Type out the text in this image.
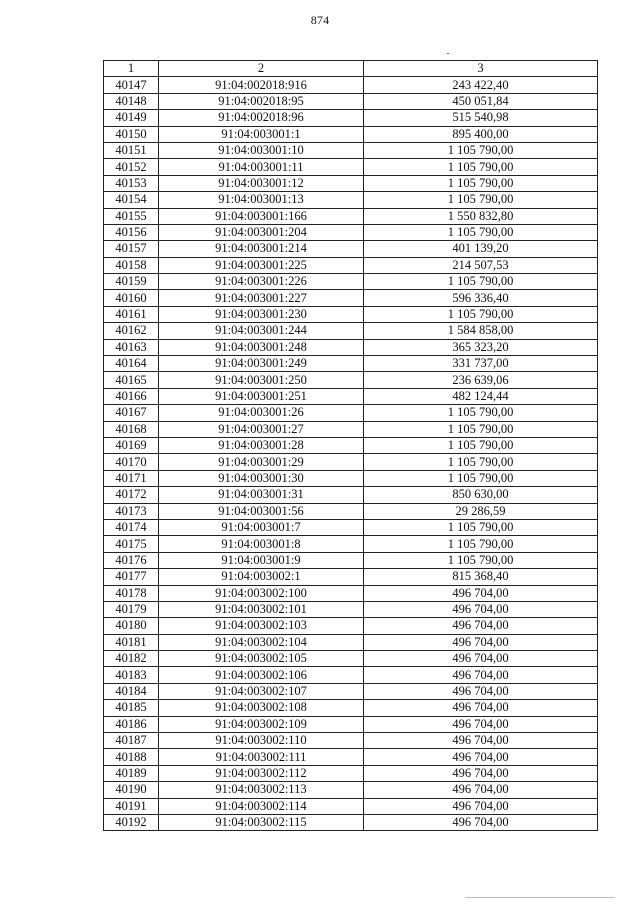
874
1	2	3
40147	91:04:002018:916	243 422,40
40148	91:04:002018:95	450 051,84
40149	91:04:002018:96	515 540,98
40150	91:04:003001:1	895 400,00
40151	91:04:003001:10	1 105 790,00
40152	91:04:003001:11	1 105 790,00
40153	91:04:003001:12	1 105 790,00
40154	91:04:003001:13	1 105 790,00
40155	91:04:003001:166	1 550 832,80
40156	91:04:003001:204	1 105 790,00
40157	91:04:003001:214	401 139,20
40158	91:04:003001:225	214 507,53
40159	91:04:003001:226	1 105 790,00
40160	91:04:003001:227	596 336,40
40161	91:04:003001:230	1 105 790,00
40162	91:04:003001:244	1 584 858,00
40163	91:04:003001:248	365 323,20
40164	91:04:003001:249	331 737,00
40165	91:04:003001:250	236 639,06
40166	91:04:003001:251	482 124,44
40167	91:04:003001:26	1 105 790,00
40168	91:04:003001:27	1 105 790,00
40169	91:04:003001:28	1 105 790,00
40170	91:04:003001:29	1 105 790,00
40171	91:04:003001:30	1 105 790,00
40172	91:04:003001:31	850 630,00
40173	91:04:003001:56	29 286,59
40174	91:04:003001:7	1 105 790,00
40175	91:04:003001:8	1 105 790,00
40176	91:04:003001:9	1 105 790,00
40177	91:04:003002:1	815 368,40
40178	91:04:003002:100	496 704,00
40179	91:04:003002:101	496 704,00
40180	91:04:003002:103	496 704,00
40181	91:04:003002:104	496 704,00
40182	91:04:003002:105	496 704,00
40183	91:04:003002:106	496 704,00
40184	91:04:003002:107	496 704,00
40185	91:04:003002:108	496 704,00
40186	91:04:003002:109	496 704,00
40187	91:04:003002:110	496 704,00
40188	91:04:003002:111	496 704,00
40189	91:04:003002:112	496 704,00
40190	91:04:003002:113	496 704,00
40191	91:04:003002:114	496 704,00
40192	91:04:003002:115	496 704,00
